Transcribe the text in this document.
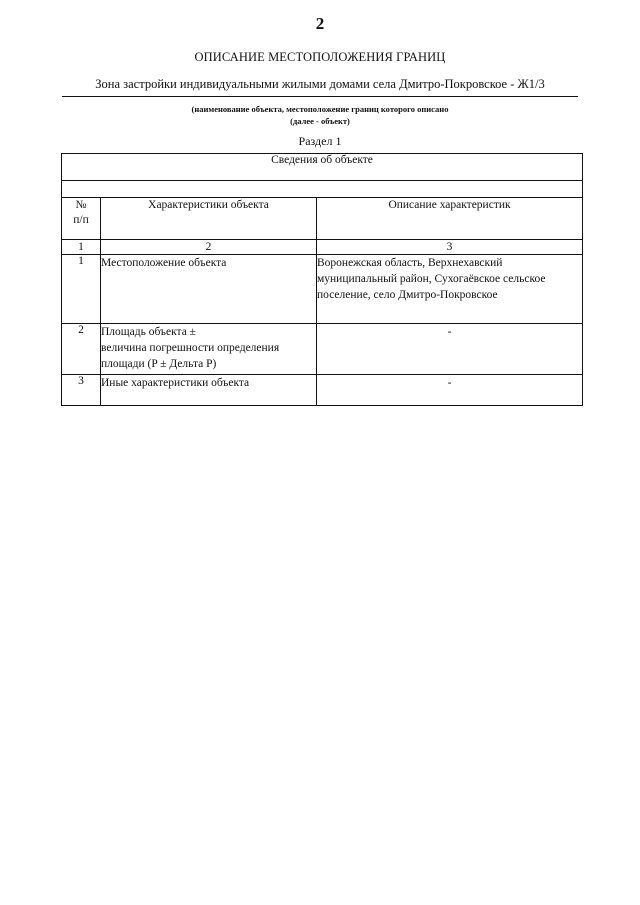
2
ОПИСАНИЕ МЕСТОПОЛОЖЕНИЯ ГРАНИЦ
Зона застройки индивидуальными жилыми домами села Дмитро-Покровское - Ж1/3
(наименование объекта, местоположение границ которого описано
(далее - объект)
Раздел 1
Сведения об объекте		

№
п/п	Характеристики объекта	Описание характеристик
1	2	3
1	Местоположение объекта	Воронежская область, Верхнехавский муниципальный район, Сухогаёвское сельское поселение, село Дмитро-Покровское
2	Площадь объекта ±
величина погрешности определения
площади (P ± Дельта P)	-
3	Иные характеристики объекта	-
